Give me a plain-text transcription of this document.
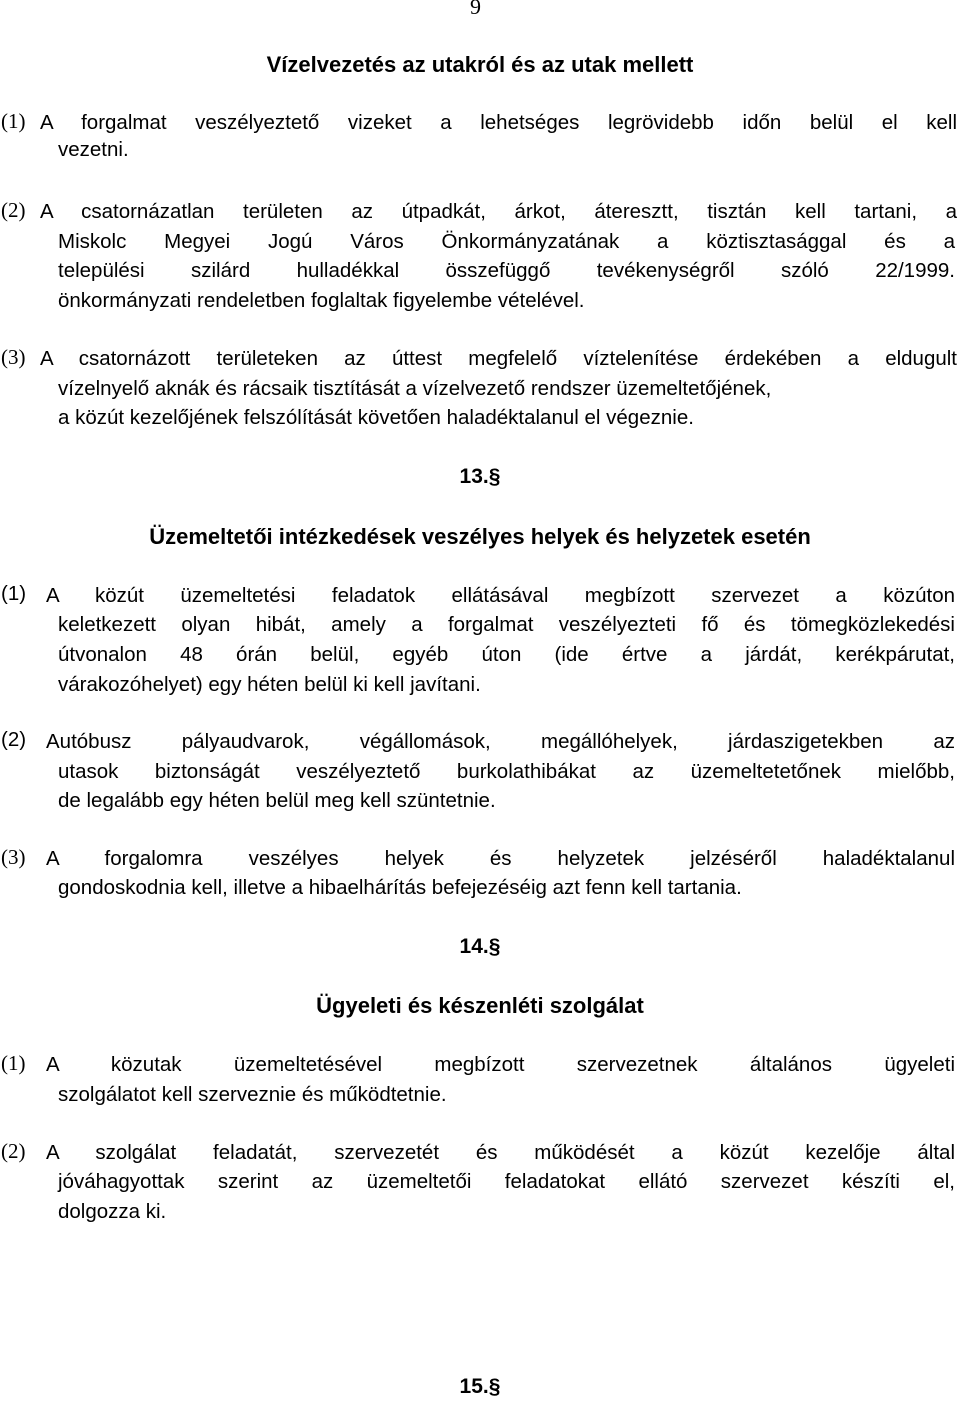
9
Vízelvezetés az utakról és az utak mellett
(1) A forgalmat veszélyeztető vizeket a lehetséges legrövidebb időn belül el kell
vezetni.
(2) A csatornázatlan területen az útpadkát, árkot, áteresztt, tisztán kell tartani, a
Miskolc Megyei Jogú Város Önkormányzatának a köztisztasággal és a
települési szilárd hulladékkal összefüggő tevékenységről szóló 22/1999.
önkormányzati rendeletben foglaltak figyelembe vételével.
(3) A csatornázott területeken az úttest megfelelő víztelenítése érdekében a eldugult
vízelnyelő aknák és rácsaik tisztítását a vízelvezető rendszer üzemeltetőjének,
a közút kezelőjének felszólítását követően haladéktalanul el végeznie.
13.§
Üzemeltetői intézkedések veszélyes helyek és helyzetek esetén
(1) A közút üzemeltetési feladatok ellátásával megbízott szervezet a közúton
keletkezett olyan hibát, amely a forgalmat veszélyezteti fő és tömegközlekedési
útvonalon 48 órán belül, egyéb úton (ide értve a járdát, kerékpárutat,
várakozóhelyet) egy héten belül ki kell javítani.
(2) Autóbusz pályaudvarok, végállomások, megállóhelyek, járdaszigetekben az
utasok biztonságát veszélyeztető burkolathibákat az üzemeltetetőnek mielőbb,
de legalább egy héten belül meg kell szüntetnie.
(3) A forgalomra veszélyes helyek és helyzetek jelzéséről haladéktalanul
gondoskodnia kell, illetve a hibaelhárítás befejezéséig azt fenn kell tartania.
14.§
Ügyeleti és készenléti szolgálat
(1) A közutak üzemeltetésével megbízott szervezetnek általános ügyeleti
szolgálatot kell szerveznie és működtetnie.
(2) A szolgálat feladatát, szervezetét és működését a közút kezelője által
jóváhagyottak szerint az üzemeltetői feladatokat ellátó szervezet készíti el,
dolgozza ki.
15.§
